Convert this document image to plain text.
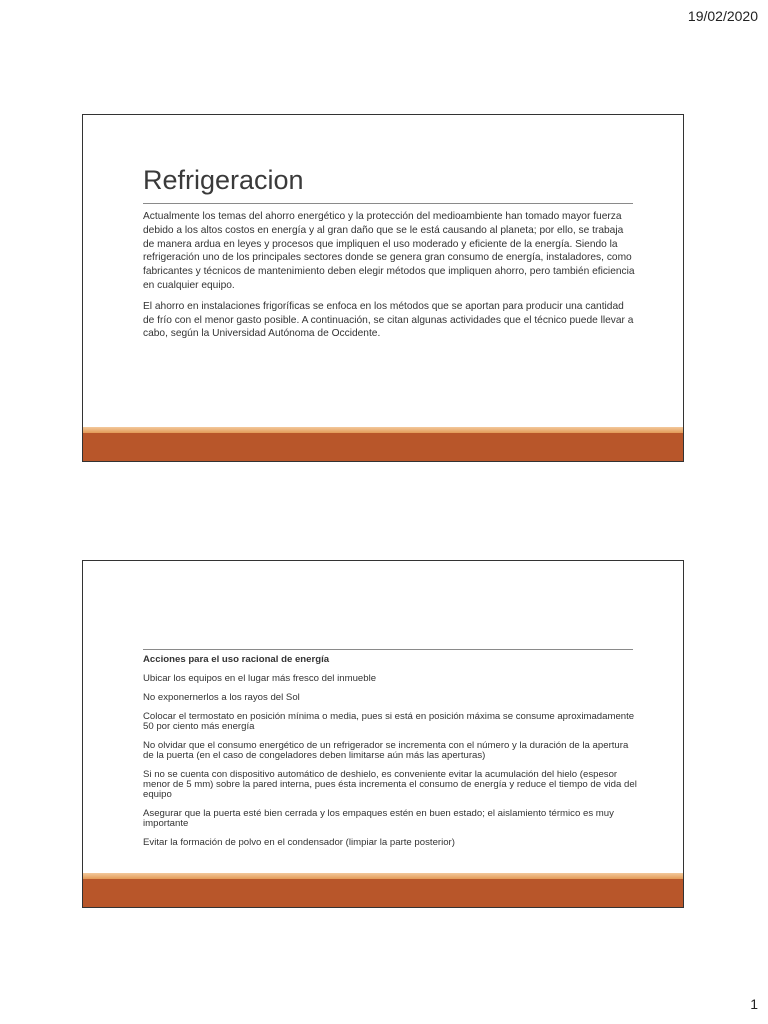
19/02/2020
Refrigeracion

Actualmente los temas del ahorro energético y la protección del medioambiente han tomado mayor fuerza debido a los altos costos en energía y al gran daño que se le está causando al planeta; por ello, se trabaja de manera ardua en leyes y procesos que impliquen el uso moderado y eficiente de la energía. Siendo la refrigeración uno de los principales sectores donde se genera gran consumo de energía, instaladores, como fabricantes y técnicos de mantenimiento deben elegir métodos que impliquen ahorro, pero también eficiencia en cualquier equipo.

El ahorro en instalaciones frigoríficas se enfoca en los métodos que se aportan para producir una cantidad de frío con el menor gasto posible. A continuación, se citan algunas actividades que el técnico puede llevar a cabo, según la Universidad Autónoma de Occidente.

Acciones para el uso racional de energía
Ubicar los equipos en el lugar más fresco del inmueble
No exponernerlos a los rayos del Sol
Colocar el termostato en posición mínima o media, pues si está en posición máxima se consume aproximadamente 50 por ciento más energía
No olvidar que el consumo energético de un refrigerador se incrementa con el número y la duración de la apertura de la puerta (en el caso de congeladores deben limitarse aún más las aperturas)
Si no se cuenta con dispositivo automático de deshielo, es conveniente evitar la acumulación del hielo (espesor menor de 5 mm) sobre la pared interna, pues ésta incrementa el consumo de energía y reduce el tiempo de vida del equipo
Asegurar que la puerta esté bien cerrada y los empaques estén en buen estado; el aislamiento térmico es muy importante
Evitar la formación de polvo en el condensador (limpiar la parte posterior)
1
